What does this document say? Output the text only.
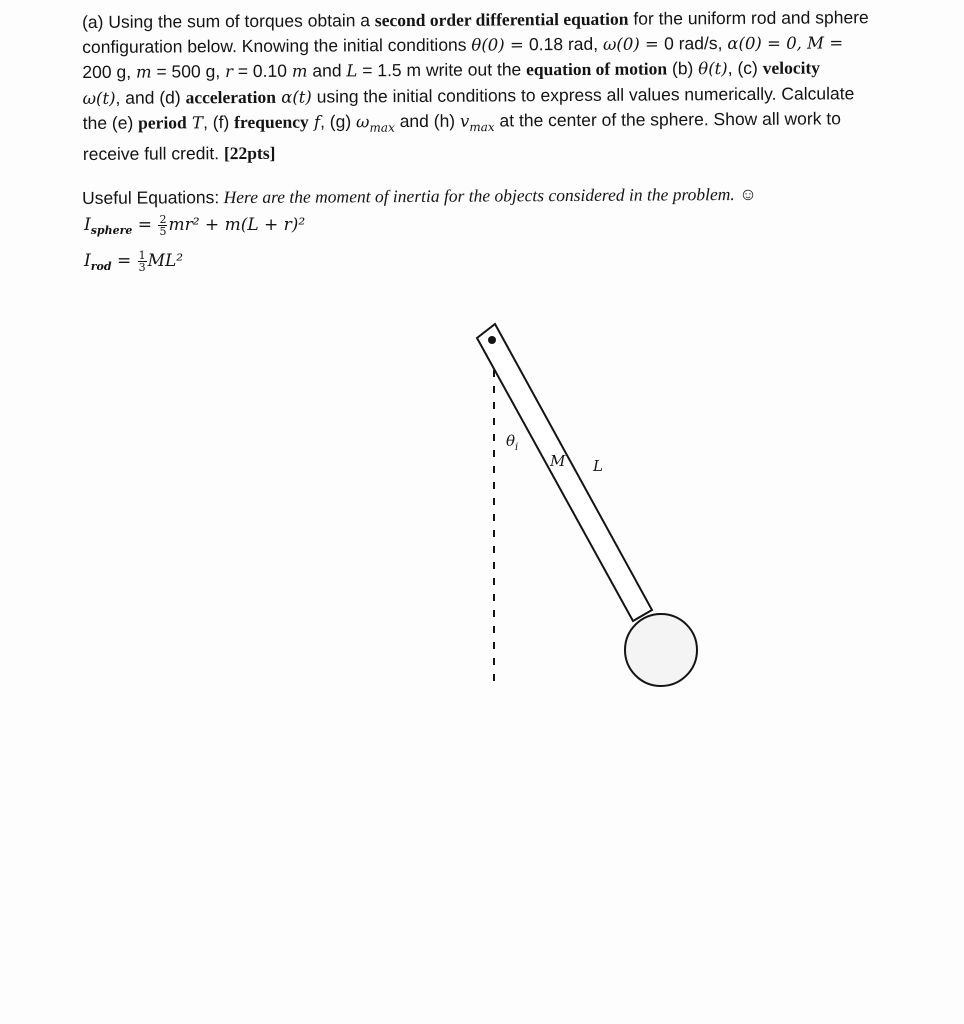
(a) Using the sum of torques obtain a second order differential equation for the uniform rod and sphere
configuration below. Knowing the initial conditions θ(0) = 0.18 rad, ω(0) = 0 rad/s, α(0) = 0, M =
200 g, m = 500 g, r = 0.10 m and L = 1.5 m write out the equation of motion (b) θ(t), (c) velocity
ω(t), and (d) acceleration α(t) using the initial conditions to express all values numerically. Calculate
the (e) period T, (f) frequency f, (g) $\omega_{max}$ and (h) $v_{max}$ at the center of the sphere. Show all work to
receive full credit. [22pts]
Useful Equations: Here are the moment of inertia for the objects considered in the problem. ☺
$I_{sphere} = \frac{2}{5} mr^2 + m(L + r)^2$
$I_{rod} = \frac{1}{3} ML^2$
$\theta_i$
M L
